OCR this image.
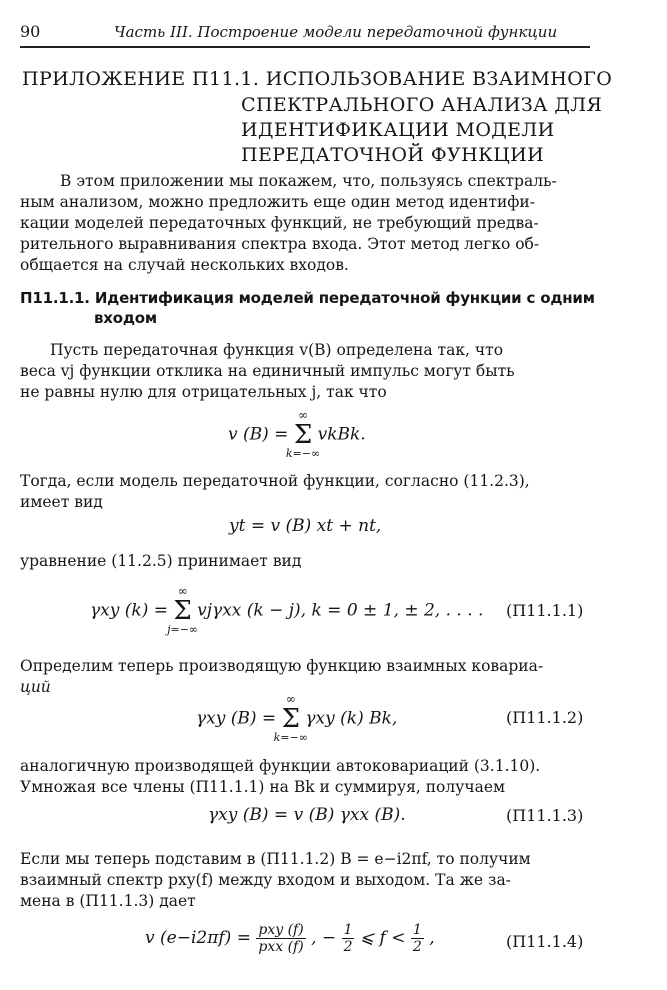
90	Часть III. Построение модели передаточной функции
ПРИЛОЖЕНИЕ П11.1. ИСПОЛЬЗОВАНИЕ ВЗАИМНОГО
СПЕКТРАЛЬНОГО АНАЛИЗА ДЛЯ
ИДЕНТИФИКАЦИИ МОДЕЛИ
ПЕРЕДАТОЧНОЙ ФУНКЦИИ
В этом приложении мы покажем, что, пользуясь спектраль-
ным анализом, можно предложить еще один метод идентифи-
кации моделей передаточных функций, не требующий предва-
рительного выравнивания спектра входа. Этот метод легко об-
общается на случай нескольких входов.
П11.1.1. Идентификация моделей передаточной функции с одним
входом
Пусть передаточная функция v(B) определена так, что
веса vj функции отклика на единичный импульс могут быть
не равны нулю для отрицательных j, так что
v (B) =
∞
Σ
k=−∞
vkBk.
Тогда, если модель передаточной функции, согласно (11.2.3),
имеет вид
yt = v (B) xt + nt,
уравнение (11.2.5) принимает вид
γxy (k) =
∞
Σ
j=−∞
vjγxx (k − j), k = 0 ± 1, ± 2, . . . . (П11.1.1)
Определим теперь производящую функцию взаимных ковариа-
ций
γxy (B) =
∞
Σ
k=−∞
γxy (k) Bk,	(П11.1.2)
аналогичную производящей функции автоковариаций (3.1.10).
Умножая все члены (П11.1.1) на Bk и суммируя, получаем
γxy (B) = v (B) γxx (B).	(П11.1.3)
Если мы теперь подставим в (П11.1.2) B = e−i2πf, то получим
взаимный спектр pxy(f) между входом и выходом. Та же за-
мена в (П11.1.3) дает
v $(e-i2\pi f) = \frac{\text{pxy (f)}}{\text{pxx (f)}}$ , − $\frac{1}{2}$ ⩽ $f < \frac{1}{2}$ ,	(П11.1.4)
